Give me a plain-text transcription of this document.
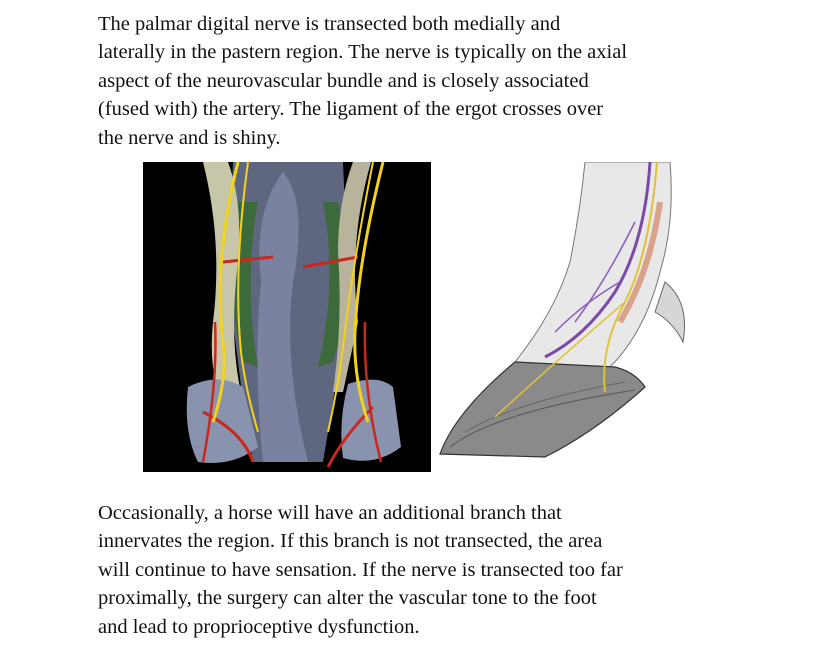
The palmar digital nerve is transected both medially and
laterally in the pastern region. The nerve is typically on the axial
aspect of the neurovascular bundle and is closely associated
(fused with) the artery. The ligament of the ergot crosses over
the nerve and is shiny.

Occasionally, a horse will have an additional branch that
innervates the region. If this branch is not transected, the area
will continue to have sensation. If the nerve is transected too far
proximally, the surgery can alter the vascular tone to the foot
and lead to proprioceptive dysfunction.
